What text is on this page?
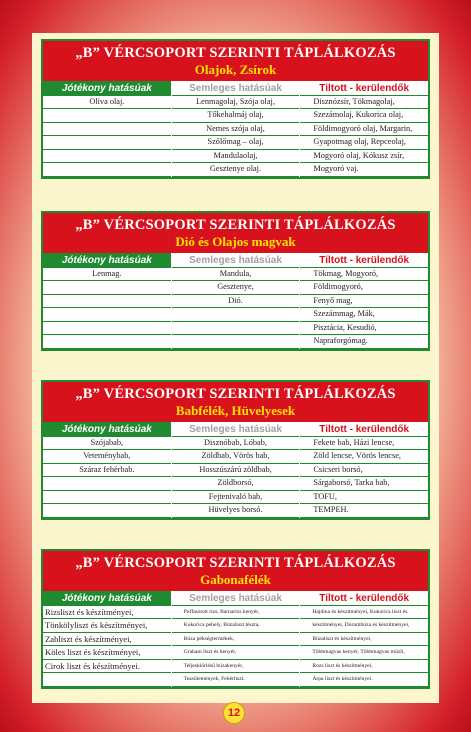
„B” VÉRCSOPORT SZERINTI TÁPLÁLKOZÁS
Olajok, Zsírok
Jótékony hatásúak
Olíva olaj.
Semleges hatásúak
Lenmagolaj, Szója olaj,
Tőkehalmáj olaj,
Nemes szója olaj,
Szőlőmag – olaj,
Mandulaolaj,
Gesztenye olaj.
Tiltott - kerülendők
Disznózsír, Tökmagolaj,
Szezámolaj, Kukorica olaj,
Földimogyoró olaj, Margarin,
Gyapotmag olaj, Repceolaj,
Mogyoró olaj, Kókusz zsír,
Mogyoró vaj.
„B” VÉRCSOPORT SZERINTI TÁPLÁLKOZÁS
Dió és Olajos magvak
Jótékony hatásúak
Lenmag.
Semleges hatásúak
Mandula,
Gesztenye,
Dió.
Tiltott - kerülendők
Tökmag, Mogyoró,
Földimogyoró,
Fenyő mag,
Szezámmag, Mák,
Pisztácia, Kesudió,
Napraforgómag.
„B” VÉRCSOPORT SZERINTI TÁPLÁLKOZÁS
Babfélék, Hüvelyesek
Jótékony hatásúak
Szójabab,
Veteménybab,
Száraz fehérbab.
Semleges hatásúak
Disznóbab, Lóbab,
Zöldbab, Vörös bab,
Hosszúszárú zöldbab,
Zöldborsó,
Fejtenivaló bab,
Hüvelyes borsó.
Tiltott - kerülendők
Fekete bab, Házi lencse,
Zöld lencse, Vörös lencse,
Csicseri borsó,
Sárgaborsó, Tarka bab,
TOFU,
TEMPEH.
„B” VÉRCSOPORT SZERINTI TÁPLÁLKOZÁS
Gabonafélék
Jótékony hatásúak
Rizsliszt és készítményei,
Tönkölyliszt és készítményei,
Zabliszt és készítményei,
Köles liszt és készítményei,
Cirok liszt és készítményei.
Semleges hatásúak
Puffasztott rizs, Barnarizs kenyér,
Kukorica pehely, Búzaliszt tészta,
Búza pékségtermékek,
Graham liszt és kenyér,
Teljeskiőrlésű búzakenyér,
Teasütemények, Fehérliszt.
Tiltott - kerülendők
Hajdina és készítményei, Kukorica liszt és
készítményei, Durumbúza és készítményei,
Búzaliszt és készítményei,
Többmagvas kenyér, Többmagvas müzli,
Rozs liszt és készítményei,
Árpa liszt és készítményei.
12
